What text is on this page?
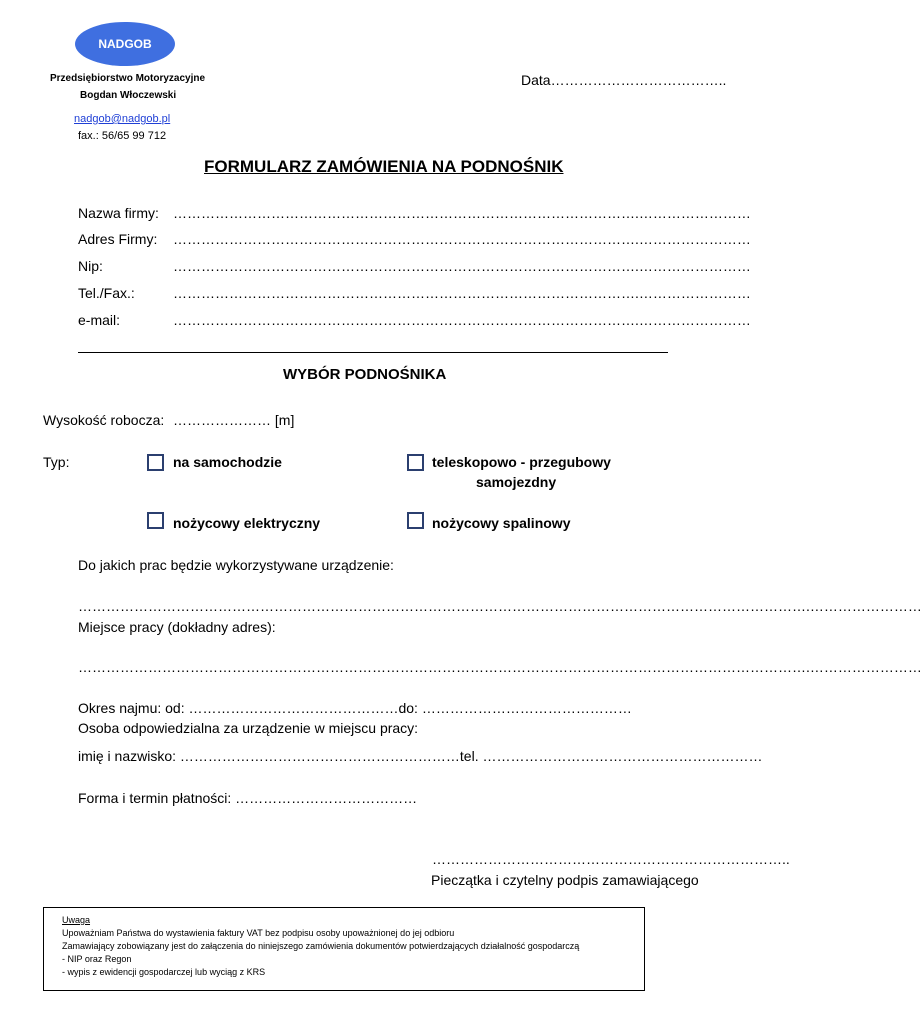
NADGOB
Przedsiębiorstwo Motoryzacyjne
Bogdan Włoczewski
nadgob@nadgob.pl
fax.: 56/65 99 712
Data………………………………..
FORMULARZ ZAMÓWIENIA NA PODNOŚNIK
Nazwa firmy: ……………………………………………………………………………………….……………………
Adres Firmy: ……………………………………………………………………………………….……………………
Nip:	……………………………………………………………………………………….……………………
Tel./Fax.:	……………………………………………………………………………………….……………………
e-mail:	……………………………………………………………………………………….……………………
WYBÓR PODNOŚNIKA
Wysokość robocza: ………………… [m]
Typ:	na samochodzie	teleskopowo - przegubowy
samojezdny
nożycowy elektryczny	nożycowy spalinowy
Do jakich prac będzie wykorzystywane urządzenie:
………………………………………………………………………………………………………………………………………….……………………
Miejsce pracy (dokładny adres):
………………………………………………………………………………………………………………………………………….……………………
Okres najmu: od: ………………………………………do: ………………………………………
Osoba odpowiedzialna za urządzenie w miejscu pracy:
imię i nazwisko: ……………………………………………………tel. ……………………………………………………
Forma i termin płatności: …………………………………
…………………………………………………………………..
Pieczątka i czytelny podpis zamawiającego
Uwaga
Upoważniam Państwa do wystawienia faktury VAT bez podpisu osoby upoważnionej do jej odbioru
Zamawiający zobowiązany jest do załączenia do niniejszego zamówienia dokumentów potwierdzających działalność gospodarczą
- NIP oraz Regon
- wypis z ewidencji gospodarczej lub wyciąg z KRS
